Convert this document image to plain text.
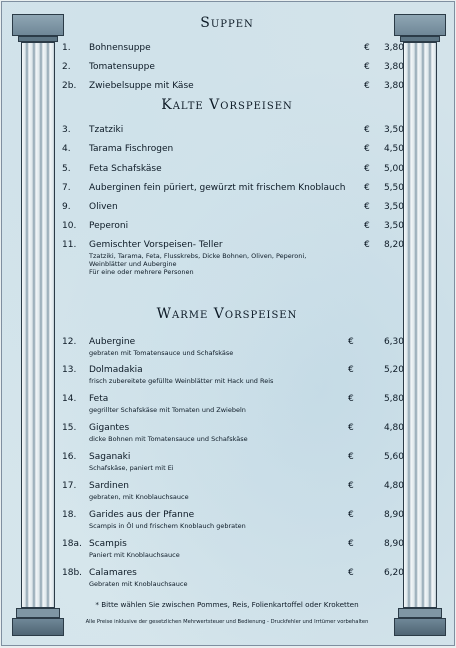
Suppen
Kalte Vorspeisen
Warme Vorspeisen
1.	Bohnensuppe	€	3,80
2.	Tomatensuppe	€	3,80
2b.	Zwiebelsuppe mit Käse	€	3,80
3.	Tzatziki	€	3,50
4.	Tarama Fischrogen	€	4,50
5.	Feta Schafskäse	€	5,00
7.	Auberginen fein püriert, gewürzt mit frischem Knoblauch €	5,50
9.	Oliven	€	3,50
10.	Peperoni	€	3,50
11.	Gemischter Vorspeisen- Teller	€	8,20
Tzatziki, Tarama, Feta, Flusskrebs, Dicke Bohnen, Oliven, Peperoni,
Weinblätter und Aubergine
Für eine oder mehrere Personen
12.	Aubergine	€	6,30
gebraten mit Tomatensauce und Schafskäse
13.	Dolmadakia	€	5,20
frisch zubereitete gefüllte Weinblätter mit Hack und Reis
14.	Feta	€	5,80
gegrillter Schafskäse mit Tomaten und Zwiebeln
15.	Gigantes	€	4,80
dicke Bohnen mit Tomatensauce und Schafskäse
16.	Saganaki	€	5,60
Schafskäse, paniert mit Ei
17.	Sardinen	€	4,80
gebraten, mit Knoblauchsauce
18.	Garides aus der Pfanne	€	8,90
Scampis in Öl und frischem Knoblauch gebraten
18a. Scampis	€	8,90
Paniert mit Knoblauchsauce
18b. Calamares	€	6,20
Gebraten mit Knoblauchsauce
* Bitte wählen Sie zwischen Pommes, Reis, Folienkartoffel oder Kroketten
Alle Preise inklusive der gesetzlichen Mehrwertsteuer und Bedienung - Druckfehler und Irrtümer vorbehalten
